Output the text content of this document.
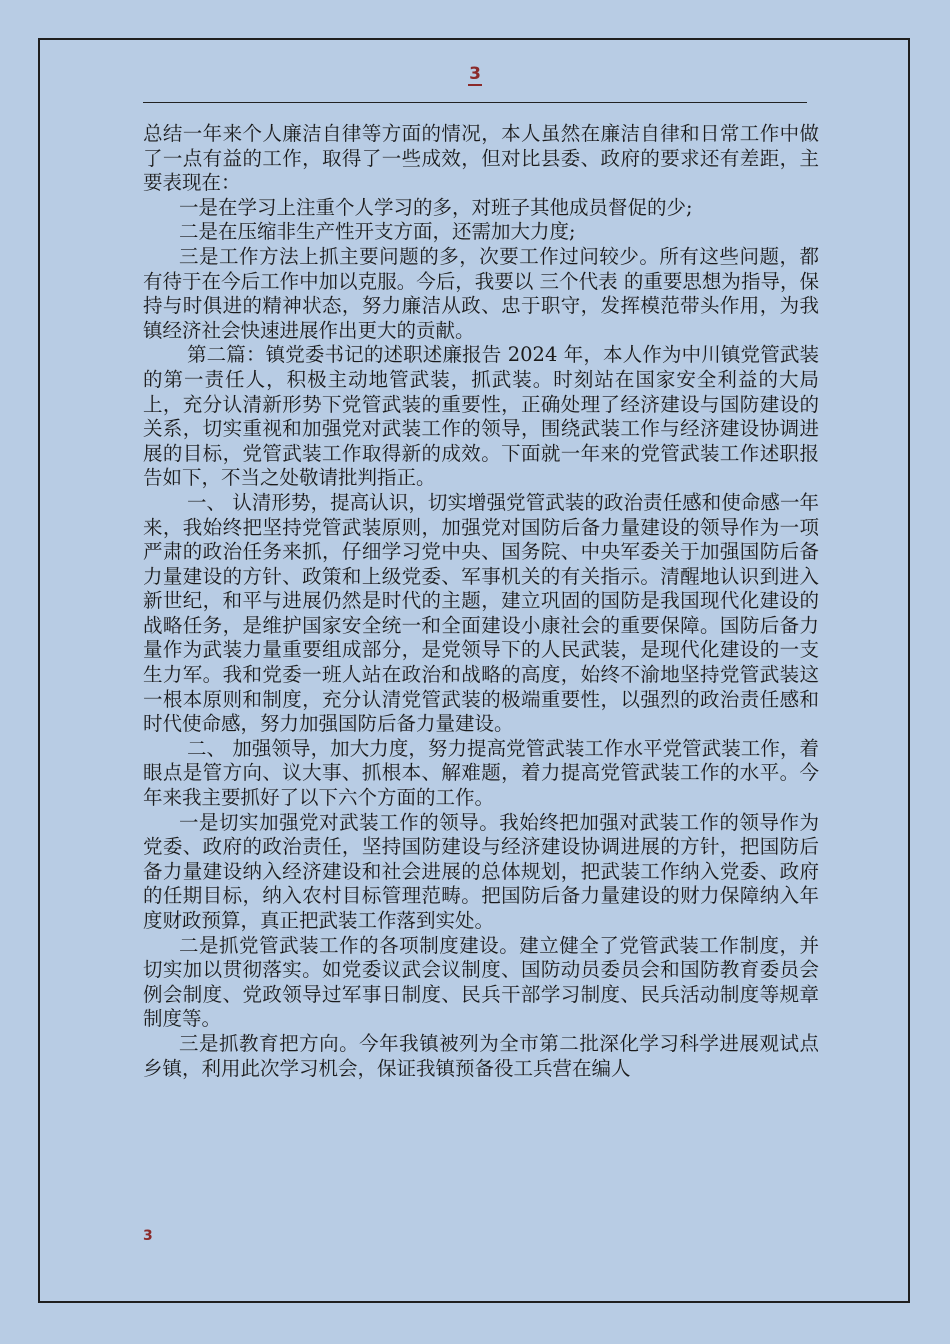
3

总结一年来个人廉洁自律等方面的情况，本人虽然在廉洁自律和日常工作中做了一点有益的工作，取得了一些成效，但对比县委、政府的要求还有差距，主要表现在：

一是在学习上注重个人学习的多，对班子其他成员督促的少;

二是在压缩非生产性开支方面，还需加大力度;

三是工作方法上抓主要问题的多，次要工作过问较少。所有这些问题，都有待于在今后工作中加以克服。今后，我要以 三个代表 的重要思想为指导，保持与时俱进的精神状态，努力廉洁从政、忠于职守，发挥模范带头作用，为我镇经济社会快速进展作出更大的贡献。

第二篇：镇党委书记的述职述廉报告 2024 年，本人作为中川镇党管武装的第一责任人，积极主动地管武装，抓武装。时刻站在国家安全利益的大局上，充分认清新形势下党管武装的重要性，正确处理了经济建设与国防建设的关系，切实重视和加强党对武装工作的领导，围绕武装工作与经济建设协调进展的目标，党管武装工作取得新的成效。下面就一年来的党管武装工作述职报告如下，不当之处敬请批判指正。

一、 认清形势，提高认识，切实增强党管武装的政治责任感和使命感一年来，我始终把坚持党管武装原则，加强党对国防后备力量建设的领导作为一项严肃的政治任务来抓，仔细学习党中央、国务院、中央军委关于加强国防后备力量建设的方针、政策和上级党委、军事机关的有关指示。清醒地认识到进入新世纪，和平与进展仍然是时代的主题，建立巩固的国防是我国现代化建设的战略任务，是维护国家安全统一和全面建设小康社会的重要保障。国防后备力量作为武装力量重要组成部分，是党领导下的人民武装，是现代化建设的一支生力军。我和党委一班人站在政治和战略的高度，始终不渝地坚持党管武装这一根本原则和制度，充分认清党管武装的极端重要性，以强烈的政治责任感和时代使命感，努力加强国防后备力量建设。

二、 加强领导，加大力度，努力提高党管武装工作水平党管武装工作，着眼点是管方向、议大事、抓根本、解难题，着力提高党管武装工作的水平。今年来我主要抓好了以下六个方面的工作。

一是切实加强党对武装工作的领导。我始终把加强对武装工作的领导作为党委、政府的政治责任，坚持国防建设与经济建设协调进展的方针，把国防后备力量建设纳入经济建设和社会进展的总体规划，把武装工作纳入党委、政府的任期目标，纳入农村目标管理范畴。把国防后备力量建设的财力保障纳入年度财政预算，真正把武装工作落到实处。

二是抓党管武装工作的各项制度建设。建立健全了党管武装工作制度，并切实加以贯彻落实。如党委议武会议制度、国防动员委员会和国防教育委员会例会制度、党政领导过军事日制度、民兵干部学习制度、民兵活动制度等规章制度等。

三是抓教育把方向。今年我镇被列为全市第二批深化学习科学进展观试点乡镇，利用此次学习机会，保证我镇预备役工兵营在编人

3
